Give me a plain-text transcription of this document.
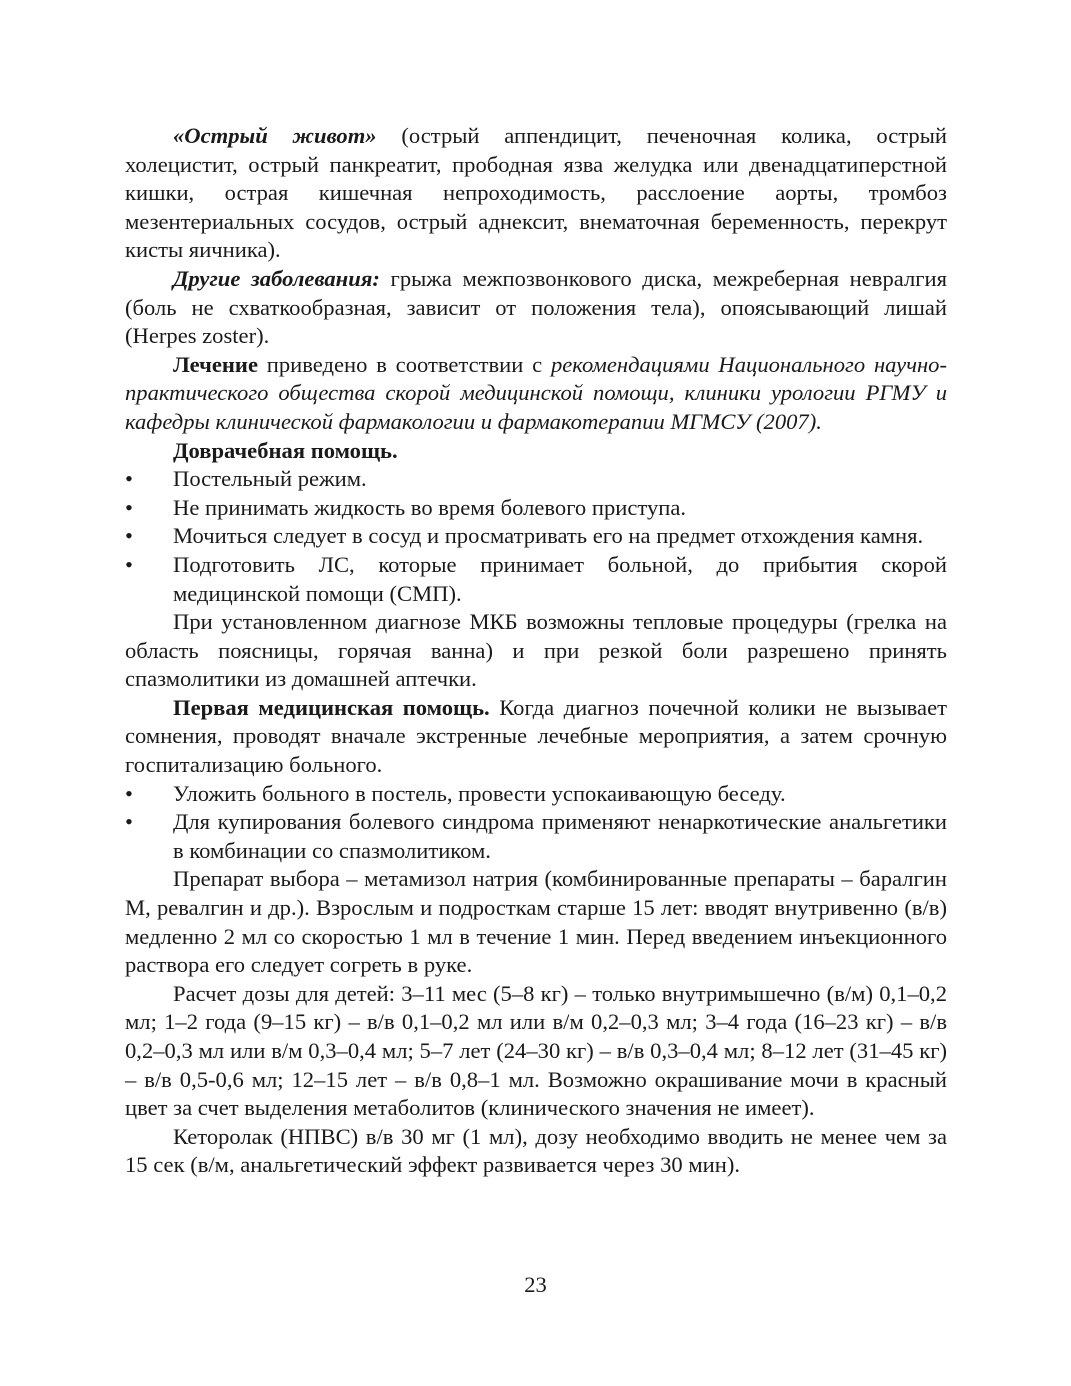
«Острый живот» (острый аппендицит, печеночная колика, острый холецистит, острый панкреатит, прободная язва желудка или двенадцатиперстной кишки, острая кишечная непроходимость, расслоение аорты, тромбоз мезентериальных сосудов, острый аднексит, внематочная беременность, перекрут кисты яичника).

Другие заболевания: грыжа межпозвонкового диска, межреберная невралгия (боль не схваткообразная, зависит от положения тела), опоясывающий лишай (Herpes zoster).

Лечение приведено в соответствии с рекомендациями Национального научно-практического общества скорой медицинской помощи, клиники урологии РГМУ и кафедры клинической фармакологии и фармакотерапии МГМСУ (2007).

Доврачебная помощь.

• Постельный режим.
• Не принимать жидкость во время болевого приступа.
• Мочиться следует в сосуд и просматривать его на предмет отхождения камня.
• Подготовить ЛС, которые принимает больной, до прибытия скорой медицинской помощи (СМП).

При установленном диагнозе МКБ возможны тепловые процедуры (грелка на область поясницы, горячая ванна) и при резкой боли разрешено принять спазмолитики из домашней аптечки.

Первая медицинская помощь. Когда диагноз почечной колики не вызывает сомнения, проводят вначале экстренные лечебные мероприятия, а затем срочную госпитализацию больного.

• Уложить больного в постель, провести успокаивающую беседу.
• Для купирования болевого синдрома применяют ненаркотические анальгетики в комбинации со спазмолитиком.

Препарат выбора – метамизол натрия (комбинированные препараты – баралгин М, ревалгин и др.). Взрослым и подросткам старше 15 лет: вводят внутривенно (в/в) медленно 2 мл со скоростью 1 мл в течение 1 мин. Перед введением инъекционного раствора его следует согреть в руке.

Расчет дозы для детей: 3–11 мес (5–8 кг) – только внутримышечно (в/м) 0,1–0,2 мл; 1–2 года (9–15 кг) – в/в 0,1–0,2 мл или в/м 0,2–0,3 мл; 3–4 года (16–23 кг) – в/в 0,2–0,3 мл или в/м 0,3–0,4 мл; 5–7 лет (24–30 кг) – в/в 0,3–0,4 мл; 8–12 лет (31–45 кг) – в/в 0,5-0,6 мл; 12–15 лет – в/в 0,8–1 мл. Возможно окрашивание мочи в красный цвет за счет выделения метаболитов (клинического значения не имеет).

Кеторолак (НПВС) в/в 30 мг (1 мл), дозу необходимо вводить не менее чем за 15 сек (в/м, анальгетический эффект развивается через 30 мин).

23
